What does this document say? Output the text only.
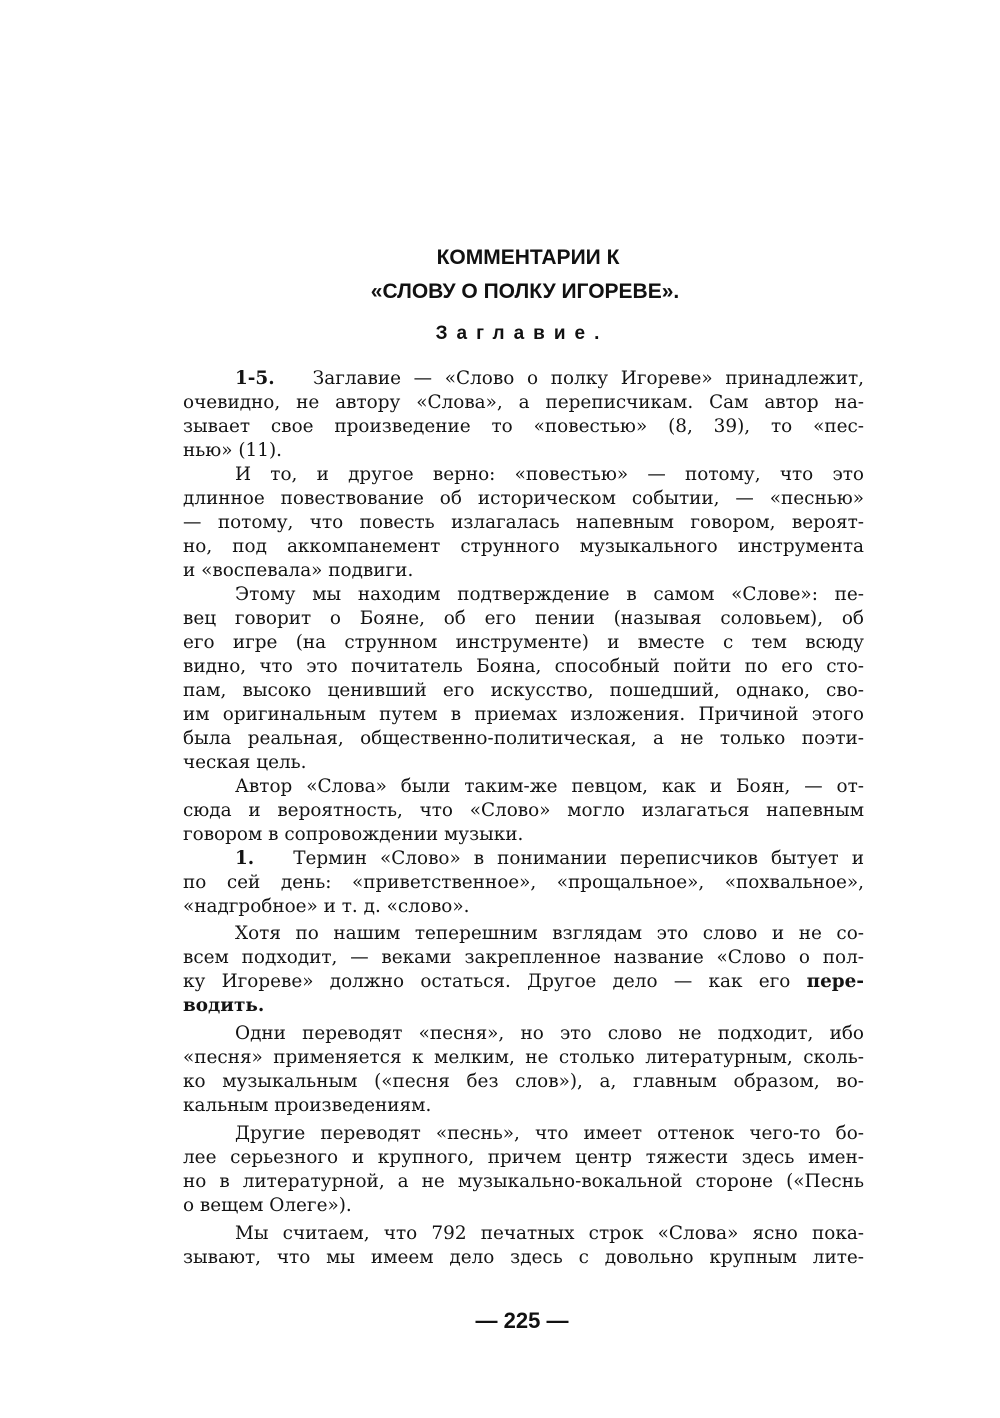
КОММЕНТАРИИ К
«СЛОВУ О ПОЛКУ ИГОРЕВЕ».
Заглавие.
1-5. Заглавие — «Слово о полку Игореве» принадлежит,
очевидно, не автору «Слова», а переписчикам. Сам автор на-
зывает свое произведение то «повестью» (8, 39), то «пес-
нью» (11).
И то, и другое верно: «повестью» — потому, что это
длинное повествование об историческом событии, — «песнью»
— потому, что повесть излагалась напевным говором, вероят-
но, под аккомпанемент струнного музыкального инструмента
и «воспевала» подвиги.
Этому мы находим подтверждение в самом «Слове»: пе-
вец говорит о Бояне, об его пении (называя соловьем), об
его игре (на струнном инструменте) и вместе с тем всюду
видно, что это почитатель Бояна, способный пойти по его сто-
пам, высоко ценивший его искусство, пошедший, однако, сво-
им оригинальным путем в приемах изложения. Причиной этого
была реальная, общественно-политическая, а не только поэти-
ческая цель.
Автор «Слова» были таким-же певцом, как и Боян, — от-
сюда и вероятность, что «Слово» могло излагаться напевным
говором в сопровождении музыки.
1. Термин «Слово» в понимании переписчиков бытует и
по сей день: «приветственное», «прощальное», «похвальное»,
«надгробное» и т. д. «слово».
Хотя по нашим теперешним взглядам это слово и не со-
всем подходит, — веками закрепленное название «Слово о пол-
ку Игореве» должно остаться. Другое дело — как его пере-
водить.
Одни переводят «песня», но это слово не подходит, ибо
«песня» применяется к мелким, не столько литературным, сколь-
ко музыкальным («песня без слов»), а, главным образом, во-
кальным произведениям.
Другие переводят «песнь», что имеет оттенок чего-то бо-
лее серьезного и крупного, причем центр тяжести здесь имен-
но в литературной, а не музыкально-вокальной стороне («Песнь
о вещем Олеге»).
Мы считаем, что 792 печатных строк «Слова» ясно пока-
зывают, что мы имеем дело здесь с довольно крупным лите-
— 225 —
